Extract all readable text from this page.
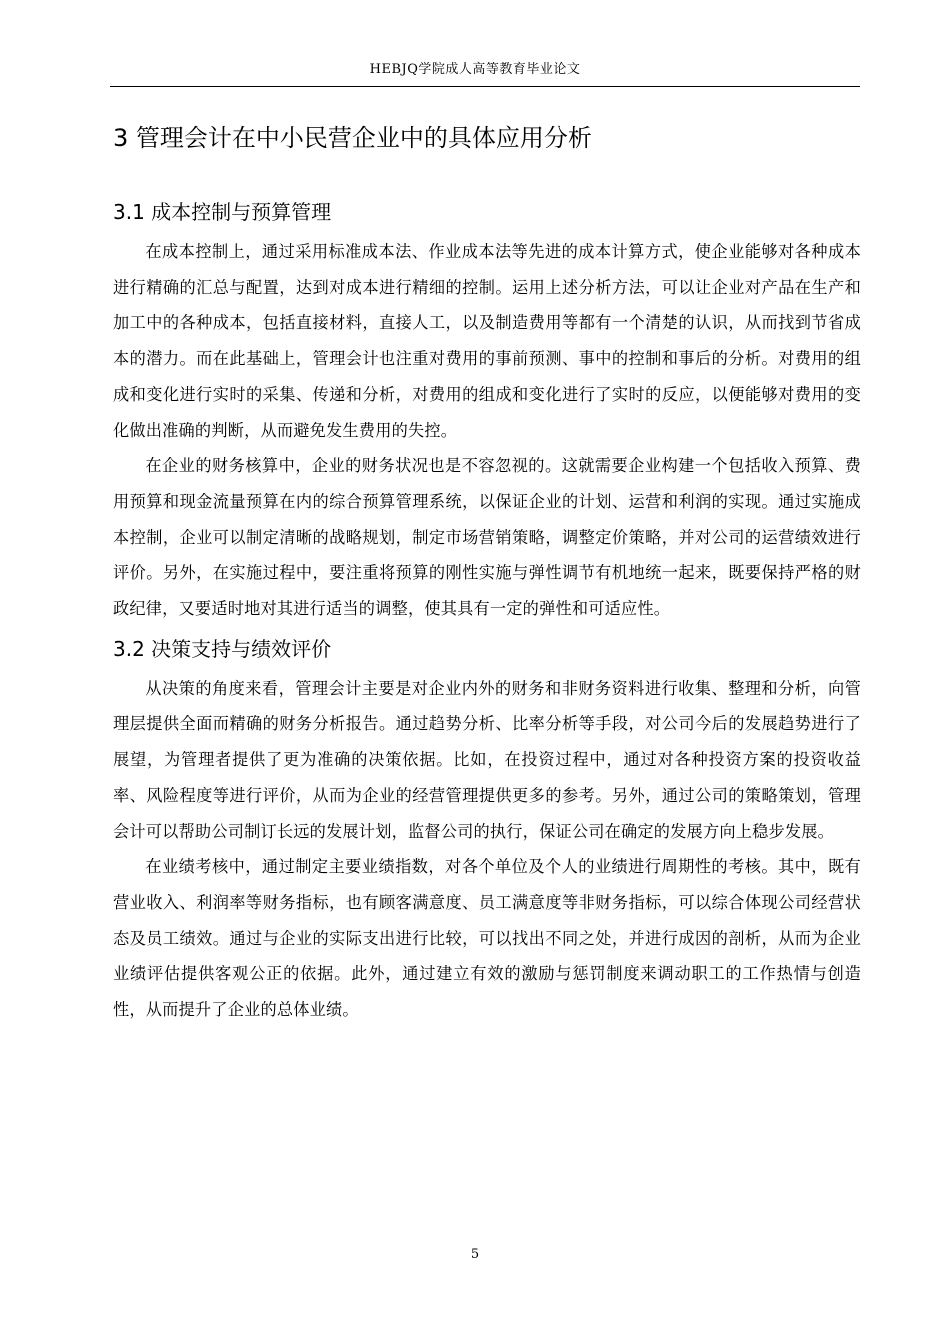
HEBJQ学院成人高等教育毕业论文
3 管理会计在中小民营企业中的具体应用分析
3.1 成本控制与预算管理

在成本控制上，通过采用标准成本法、作业成本法等先进的成本计算方式，使企业能够对各种成本进行精确的汇总与配置，达到对成本进行精细的控制。运用上述分析方法，可以让企业对产品在生产和加工中的各种成本，包括直接材料，直接人工，以及制造费用等都有一个清楚的认识，从而找到节省成本的潜力。而在此基础上，管理会计也注重对费用的事前预测、事中的控制和事后的分析。对费用的组成和变化进行实时的采集、传递和分析，对费用的组成和变化进行了实时的反应，以便能够对费用的变化做出准确的判断，从而避免发生费用的失控。

在企业的财务核算中，企业的财务状况也是不容忽视的。这就需要企业构建一个包括收入预算、费用预算和现金流量预算在内的综合预算管理系统，以保证企业的计划、运营和利润的实现。通过实施成本控制，企业可以制定清晰的战略规划，制定市场营销策略，调整定价策略，并对公司的运营绩效进行评价。另外，在实施过程中，要注重将预算的刚性实施与弹性调节有机地统一起来，既要保持严格的财政纪律，又要适时地对其进行适当的调整，使其具有一定的弹性和可适应性。

3.2 决策支持与绩效评价

从决策的角度来看，管理会计主要是对企业内外的财务和非财务资料进行收集、整理和分析，向管理层提供全面而精确的财务分析报告。通过趋势分析、比率分析等手段，对公司今后的发展趋势进行了展望，为管理者提供了更为准确的决策依据。比如，在投资过程中，通过对各种投资方案的投资收益率、风险程度等进行评价，从而为企业的经营管理提供更多的参考。另外，通过公司的策略策划，管理会计可以帮助公司制订长远的发展计划，监督公司的执行，保证公司在确定的发展方向上稳步发展。

在业绩考核中，通过制定主要业绩指数，对各个单位及个人的业绩进行周期性的考核。其中，既有营业收入、利润率等财务指标，也有顾客满意度、员工满意度等非财务指标，可以综合体现公司经营状态及员工绩效。通过与企业的实际支出进行比较，可以找出不同之处，并进行成因的剖析，从而为企业业绩评估提供客观公正的依据。此外，通过建立有效的激励与惩罚制度来调动职工的工作热情与创造性，从而提升了企业的总体业绩。

5
